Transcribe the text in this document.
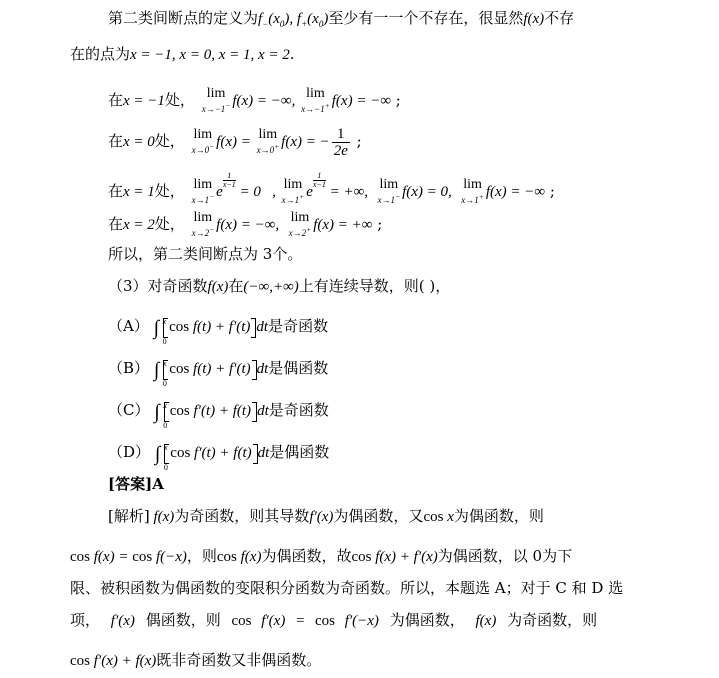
第二类间断点的定义为$f_-(x_0)$, $f_+(x_0)$至少有一一个不存在，很显然f(x)不存
在的点为x = −1, x = 0, x = 1, x = 2.
在x = −1处， lim
x→−1− f(x) = −∞, lim
x→−1+ f(x) = −∞ ;
在x = 0处， lim
x→0− f(x) = lim
x→0+ f(x) = − $\frac{1}{2e}$ ;
在x = 1处， lim
x→1− e
$\frac{1}{x-1}$
= 0   , lim
x→1+ e
$\frac{1}{x-1}$
= +∞, lim
x→1− f(x) = 0, lim
x→1+ f(x) = −∞ ;
在x = 2处， lim
x→2− f(x) = −∞, lim
x→2+ f(x) = +∞ ;
所以，第二类间断点为 3个。
（3）对奇函数f(x)在(−∞,+∞)上有连续导数，则( )，
（A） ∫ x
0
cos f(t) + f′(t) dt是奇函数
（B） ∫ x
0
cos f(t) + f′(t) dt是偶函数
（C） ∫ x
0
cos f′(t) + f(t) dt是奇函数
（D） ∫ x
0
cos f′(t) + f(t) dt是偶函数
[答案]A
[解析] f(x)为奇函数，则其导数f′(x)为偶函数，又cos x为偶函数，则
cos f(x) = cos f(−x)，则cos f(x)为偶函数，故cos f(x) + f′(x)为偶函数，以 0为下
限、被积函数为偶函数的变限积分函数为奇函数。所以，本题选 A；对于 C 和 D 选
项， f′(x) 偶函数，则 cos f′(x) = cos f′(−x) 为偶函数， f(x) 为奇函数，则
cos f′(x) + f(x)既非奇函数又非偶函数。
